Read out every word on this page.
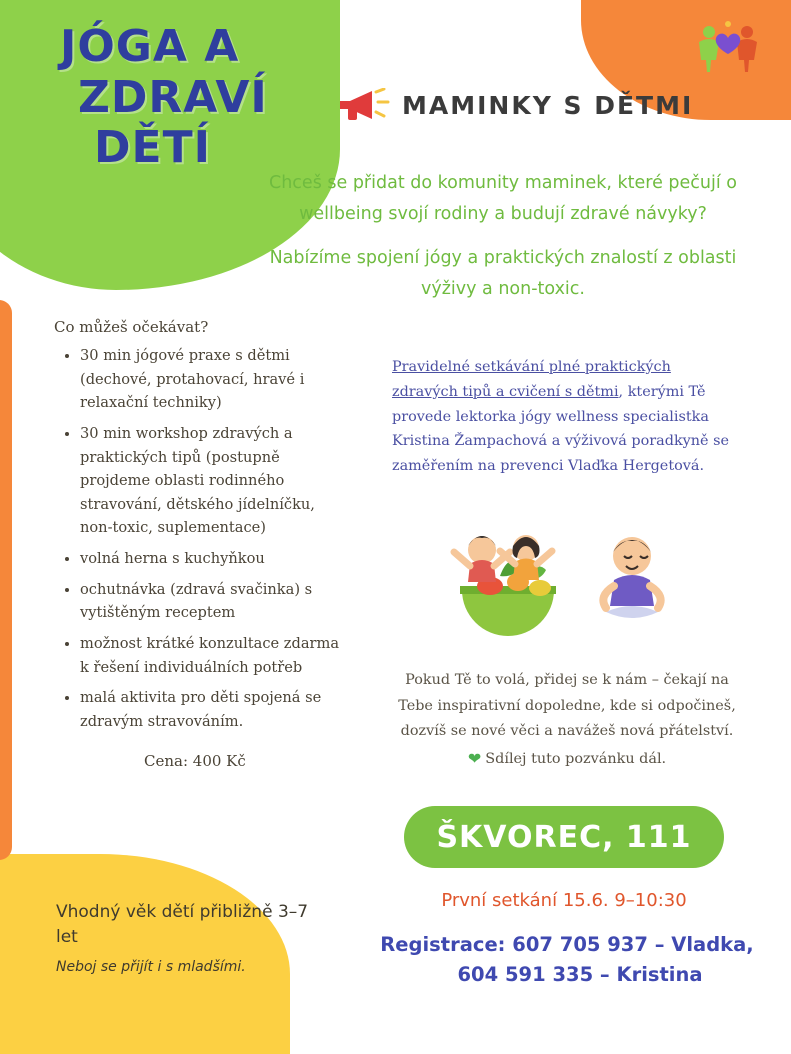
JÓGA A
ZDRAVÍ
DĚTÍ
MAMINKY S DĚTMI

Chceš se přidat do komunity maminek, které pečují o wellbeing svojí rodiny a budují zdravé návyky?

Nabízíme spojení jógy a praktických znalostí z oblasti výživy a non-toxic.

Co můžeš očekávat?
• 30 min jógové praxe s dětmi (dechové, protahovací, hravé i relaxační techniky)
• 30 min workshop zdravých a praktických tipů (postupně projdeme oblasti rodinného stravování, dětského jídelníčku, non-toxic, suplementace)
• volná herna s kuchyňkou
• ochutnávka (zdravá svačinka) s vytištěným receptem
• možnost krátké konzultace zdarma k řešení individuálních potřeb
• malá aktivita pro děti spojená se zdravým stravováním.
Cena: 400 Kč
Vhodný věk dětí přibližně 3–7 let
Neboj se přijít i s mladšími.
Pravidelné setkávání plné praktických zdravých tipů a cvičení s dětmi, kterými Tě provede lektorka jógy wellness specialistka Kristina Žampachová a výživová poradkyně se zaměřením na prevenci Vlaďka Hergetová.
Pokud Tě to volá, přidej se k nám – čekají na
Tebe inspirativní dopoledne, kde si odpočineš,
dozvíš se nové věci a navážeš nová přátelství.
❤ Sdílej tuto pozvánku dál.
ŠKVOREC, 111
První setkání 15.6. 9–10:30
Registrace: 607 705 937 – Vladka,
604 591 335 – Kristina
